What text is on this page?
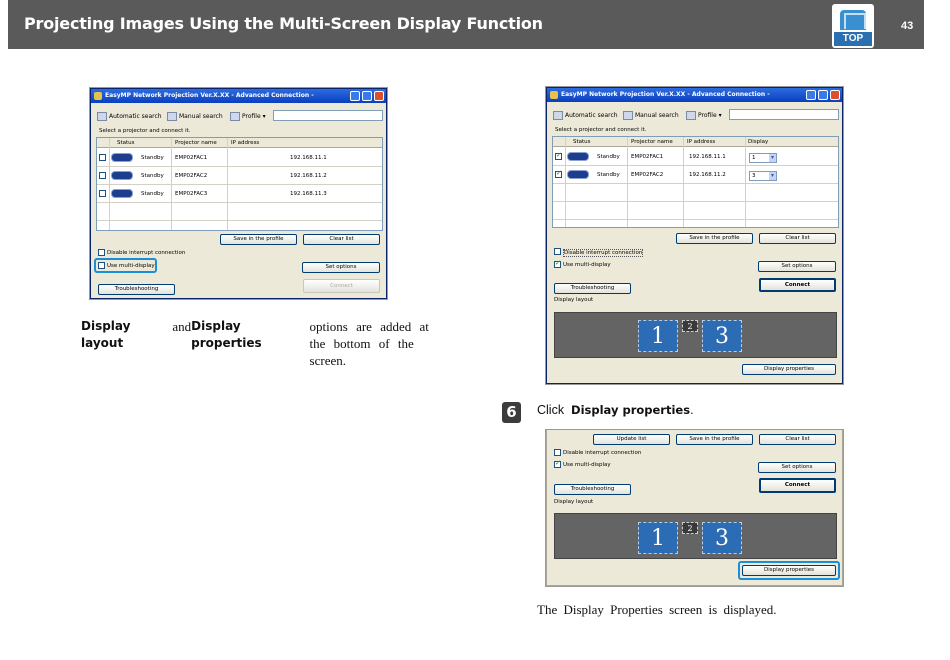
Projecting Images Using the Multi-Screen Display Function
TOP
43
EasyMP Network Projection Ver.X.XX - Advanced Connection -
Automatic search	Manual search	Profile ▾
Select a projector and connect it.
Status	Projector name	IP address
Standby EMP02FAC1	192.168.11.1
Standby EMP02FAC2	192.168.11.2
Standby EMP02FAC3	192.168.11.3
Save in the profile	Clear list
Disable interrupt connection
Use multi-display	Set options
Troubleshooting	Connect
Display layout
and Display properties
options are added at the bottom of the screen.
EasyMP Network Projection Ver.X.XX - Advanced Connection -
Automatic search	Manual search	Profile ▾
Select a projector and connect it.
Status	Projector name	IP address	Display
✓
Standby EMP02FAC1	192.168.11.1	1 ▾
✓
Standby EMP02FAC2	192.168.11.2	3 ▾
Save in the profile	Clear list
Disable interrupt connection
✓
Use multi-display	Set options
Troubleshooting	Connect
Display layout
1	2	3
Display properties
6	Click Display properties.
Update list	Save in the profile	Clear list
Disable interrupt connection
✓
Use multi-display	Set options
Troubleshooting
Connect
Display layout
1	2	3
Display properties
The Display Properties screen is displayed.
